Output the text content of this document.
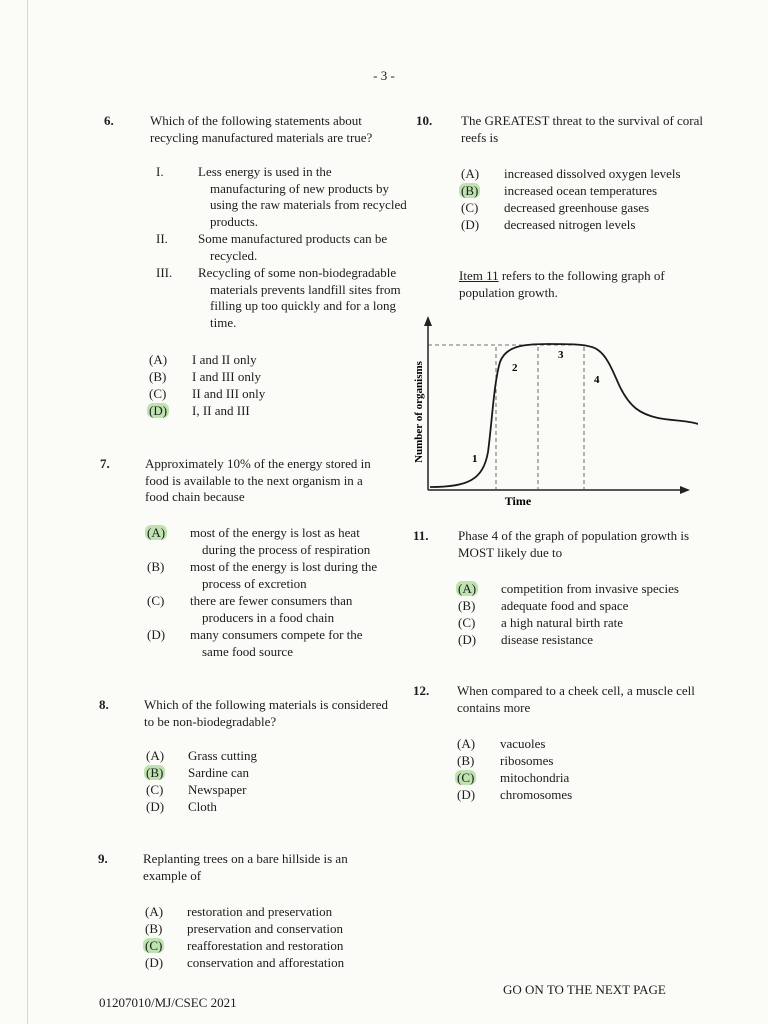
- 3 -
6.	Which of the following statements about recycling manufactured materials are true?
I.	Less energy is used in the manufacturing of new products by using the raw materials from recycled products.
II.	Some manufactured products can be recycled.
III.	Recycling of some non-biodegradable materials prevents landfill sites from filling up too quickly and for a long time.
(A)	I and II only
(B)	I and III only
(C)	II and III only
(D)	I, II and III
7.	Approximately 10% of the energy stored in food is available to the next organism in a food chain because
(A)	most of the energy is lost as heat during the process of respiration
(B)	most of the energy is lost during the process of excretion
(C)	there are fewer consumers than producers in a food chain
(D)	many consumers compete for the same food source
8.	Which of the following materials is considered to be non-biodegradable?
(A)	Grass cutting
(B)	Sardine can
(C)	Newspaper
(D)	Cloth
9.	Replanting trees on a bare hillside is an example of
(A)	restoration and preservation
(B)	preservation and conservation
(C)	reafforestation and restoration
(D)	conservation and afforestation
10. The GREATEST threat to the survival of coral reefs is
(A)	increased dissolved oxygen levels
(B)	increased ocean temperatures
(C)	decreased greenhouse gases
(D)	decreased nitrogen levels
Item 11 refers to the following graph of population growth.
1
2
3
4
Time
Number of organisms
11. Phase 4 of the graph of population growth is MOST likely due to
(A)	competition from invasive species
(B)	adequate food and space
(C)	a high natural birth rate
(D)	disease resistance
12. When compared to a cheek cell, a muscle cell contains more
(A)	vacuoles
(B)	ribosomes
(C)	mitochondria
(D)	chromosomes
01207010/MJ/CSEC 2021
GO ON TO THE NEXT PAGE
